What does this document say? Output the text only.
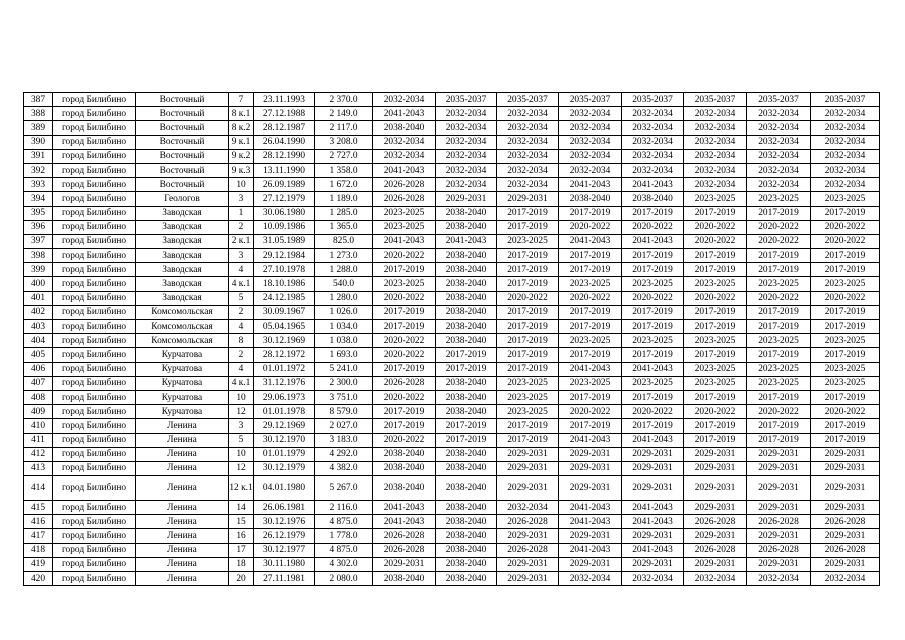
387	город Билибино	Восточный	7	23.11.1993	2 370.0	2032-2034	2035-2037	2035-2037	2035-2037	2035-2037	2035-2037	2035-2037	2035-2037
388	город Билибино	Восточный	8 к.1	27.12.1988	2 149.0	2041-2043	2032-2034	2032-2034	2032-2034	2032-2034	2032-2034	2032-2034	2032-2034
389	город Билибино	Восточный	8 к.2	28.12.1987	2 117.0	2038-2040	2032-2034	2032-2034	2032-2034	2032-2034	2032-2034	2032-2034	2032-2034
390	город Билибино	Восточный	9 к.1	26.04.1990	3 208.0	2032-2034	2032-2034	2032-2034	2032-2034	2032-2034	2032-2034	2032-2034	2032-2034
391	город Билибино	Восточный	9 к.2	28.12.1990	2 727.0	2032-2034	2032-2034	2032-2034	2032-2034	2032-2034	2032-2034	2032-2034	2032-2034
392	город Билибино	Восточный	9 к.3	13.11.1990	1 358.0	2041-2043	2032-2034	2032-2034	2032-2034	2032-2034	2032-2034	2032-2034	2032-2034
393	город Билибино	Восточный	10	26.09.1989	1 672.0	2026-2028	2032-2034	2032-2034	2041-2043	2041-2043	2032-2034	2032-2034	2032-2034
394	город Билибино	Геологов	3	27.12.1979	1 189.0	2026-2028	2029-2031	2029-2031	2038-2040	2038-2040	2023-2025	2023-2025	2023-2025
395	город Билибино	Заводская	1	30.06.1980	1 285.0	2023-2025	2038-2040	2017-2019	2017-2019	2017-2019	2017-2019	2017-2019	2017-2019
396	город Билибино	Заводская	2	10.09.1986	1 365.0	2023-2025	2038-2040	2017-2019	2020-2022	2020-2022	2020-2022	2020-2022	2020-2022
397	город Билибино	Заводская	2 к.1	31.05.1989	825.0	2041-2043	2041-2043	2023-2025	2041-2043	2041-2043	2020-2022	2020-2022	2020-2022
398	город Билибино	Заводская	3	29.12.1984	1 273.0	2020-2022	2038-2040	2017-2019	2017-2019	2017-2019	2017-2019	2017-2019	2017-2019
399	город Билибино	Заводская	4	27.10.1978	1 288.0	2017-2019	2038-2040	2017-2019	2017-2019	2017-2019	2017-2019	2017-2019	2017-2019
400	город Билибино	Заводская	4 к.1	18.10.1986	540.0	2023-2025	2038-2040	2017-2019	2023-2025	2023-2025	2023-2025	2023-2025	2023-2025
401	город Билибино	Заводская	5	24.12.1985	1 280.0	2020-2022	2038-2040	2020-2022	2020-2022	2020-2022	2020-2022	2020-2022	2020-2022
402	город Билибино	Комсомольская	2	30.09.1967	1 026.0	2017-2019	2038-2040	2017-2019	2017-2019	2017-2019	2017-2019	2017-2019	2017-2019
403	город Билибино	Комсомольская	4	05.04.1965	1 034.0	2017-2019	2038-2040	2017-2019	2017-2019	2017-2019	2017-2019	2017-2019	2017-2019
404	город Билибино	Комсомольская	8	30.12.1969	1 038.0	2020-2022	2038-2040	2017-2019	2023-2025	2023-2025	2023-2025	2023-2025	2023-2025
405	город Билибино	Курчатова	2	28.12.1972	1 693.0	2020-2022	2017-2019	2017-2019	2017-2019	2017-2019	2017-2019	2017-2019	2017-2019
406	город Билибино	Курчатова	4	01.01.1972	5 241.0	2017-2019	2017-2019	2017-2019	2041-2043	2041-2043	2023-2025	2023-2025	2023-2025
407	город Билибино	Курчатова	4 к.1	31.12.1976	2 300.0	2026-2028	2038-2040	2023-2025	2023-2025	2023-2025	2023-2025	2023-2025	2023-2025
408	город Билибино	Курчатова	10	29.06.1973	3 751.0	2020-2022	2038-2040	2023-2025	2017-2019	2017-2019	2017-2019	2017-2019	2017-2019
409	город Билибино	Курчатова	12	01.01.1978	8 579.0	2017-2019	2038-2040	2023-2025	2020-2022	2020-2022	2020-2022	2020-2022	2020-2022
410	город Билибино	Ленина	3	29.12.1969	2 027.0	2017-2019	2017-2019	2017-2019	2017-2019	2017-2019	2017-2019	2017-2019	2017-2019
411	город Билибино	Ленина	5	30.12.1970	3 183.0	2020-2022	2017-2019	2017-2019	2041-2043	2041-2043	2017-2019	2017-2019	2017-2019
412	город Билибино	Ленина	10	01.01.1979	4 292.0	2038-2040	2038-2040	2029-2031	2029-2031	2029-2031	2029-2031	2029-2031	2029-2031
413	город Билибино	Ленина	12	30.12.1979	4 382.0	2038-2040	2038-2040	2029-2031	2029-2031	2029-2031	2029-2031	2029-2031	2029-2031
414	город Билибино	Ленина	12 к.1	04.01.1980	5 267.0	2038-2040	2038-2040	2029-2031	2029-2031	2029-2031	2029-2031	2029-2031	2029-2031
415	город Билибино	Ленина	14	26.06.1981	2 116.0	2041-2043	2038-2040	2032-2034	2041-2043	2041-2043	2029-2031	2029-2031	2029-2031
416	город Билибино	Ленина	15	30.12.1976	4 875.0	2041-2043	2038-2040	2026-2028	2041-2043	2041-2043	2026-2028	2026-2028	2026-2028
417	город Билибино	Ленина	16	26.12.1979	1 778.0	2026-2028	2038-2040	2029-2031	2029-2031	2029-2031	2029-2031	2029-2031	2029-2031
418	город Билибино	Ленина	17	30.12.1977	4 875.0	2026-2028	2038-2040	2026-2028	2041-2043	2041-2043	2026-2028	2026-2028	2026-2028
419	город Билибино	Ленина	18	30.11.1980	4 302.0	2029-2031	2038-2040	2029-2031	2029-2031	2029-2031	2029-2031	2029-2031	2029-2031
420	город Билибино	Ленина	20	27.11.1981	2 080.0	2038-2040	2038-2040	2029-2031	2032-2034	2032-2034	2032-2034	2032-2034	2032-2034
